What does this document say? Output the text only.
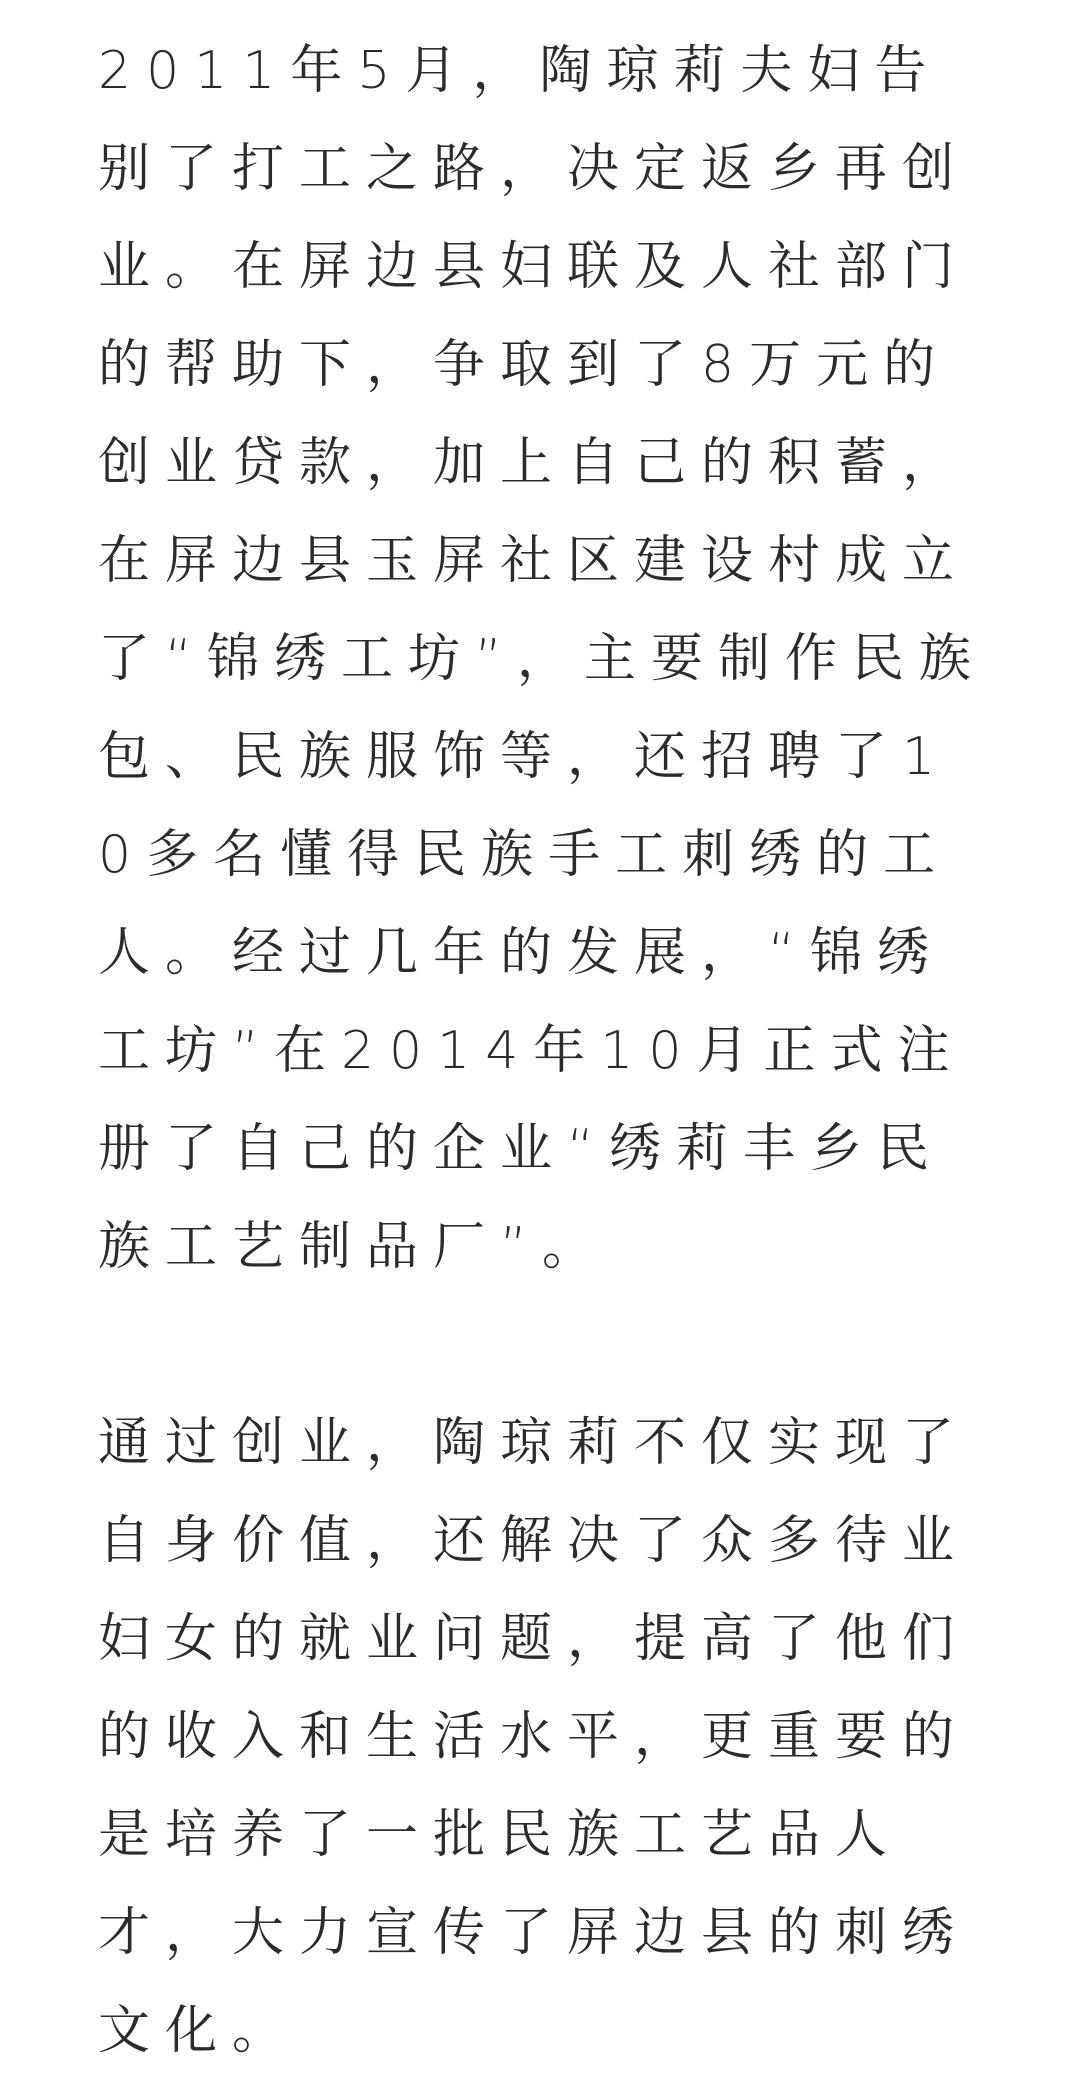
2011年5月，陶琼莉夫妇告别了打工之路，决定返乡再创业。在屏边县妇联及人社部门的帮助下，争取到了8万元的创业贷款，加上自己的积蓄，在屏边县玉屏社区建设村成立了“锦绣工坊”，主要制作民族包、民族服饰等，还招聘了10多名懂得民族手工刺绣的工人。经过几年的发展，“锦绣工坊”在2014年10月正式注册了自己的企业“绣莉丰乡民族工艺制品厂”。

通过创业，陶琼莉不仅实现了自身价值，还解决了众多待业妇女的就业问题，提高了他们的收入和生活水平，更重要的是培养了一批民族工艺品人才，大力宣传了屏边县的刺绣文化。
